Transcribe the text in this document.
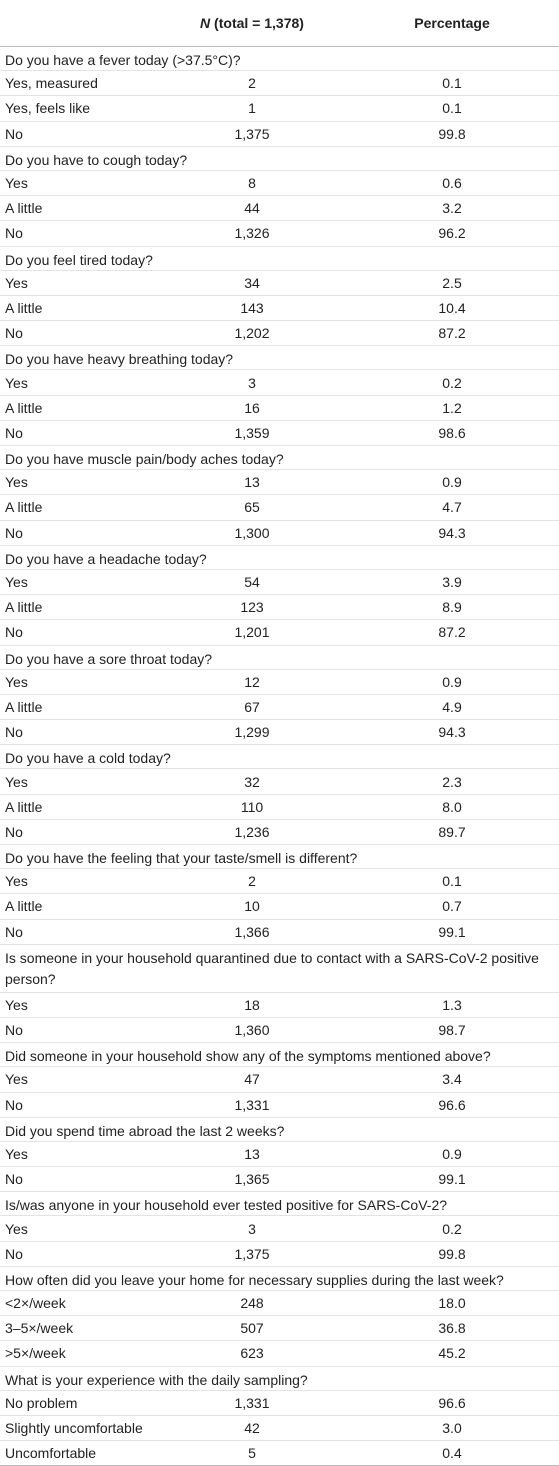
N (total = 1,378)	Percentage
Do you have a fever today (>37.5°C)?
Yes, measured	2	0.1
Yes, feels like	1	0.1
No	1,375	99.8
Do you have to cough today?
Yes	8	0.6
A little	44	3.2
No	1,326	96.2
Do you feel tired today?
Yes	34	2.5
A little	143	10.4
No	1,202	87.2
Do you have heavy breathing today?
Yes	3	0.2
A little	16	1.2
No	1,359	98.6
Do you have muscle pain/body aches today?
Yes	13	0.9
A little	65	4.7
No	1,300	94.3
Do you have a headache today?
Yes	54	3.9
A little	123	8.9
No	1,201	87.2
Do you have a sore throat today?
Yes	12	0.9
A little	67	4.9
No	1,299	94.3
Do you have a cold today?
Yes	32	2.3
A little	110	8.0
No	1,236	89.7
Do you have the feeling that your taste/smell is different?
Yes	2	0.1
A little	10	0.7
No	1,366	99.1
Is someone in your household quarantined due to contact with a SARS-CoV-2 positive person?
Yes	18	1.3
No	1,360	98.7
Did someone in your household show any of the symptoms mentioned above?
Yes	47	3.4
No	1,331	96.6
Did you spend time abroad the last 2 weeks?
Yes	13	0.9
No	1,365	99.1
Is/was anyone in your household ever tested positive for SARS-CoV-2?
Yes	3	0.2
No	1,375	99.8
How often did you leave your home for necessary supplies during the last week?
<2×/week	248	18.0
3–5×/week	507	36.8
>5×/week	623	45.2
What is your experience with the daily sampling?
No problem	1,331	96.6
Slightly uncomfortable	42	3.0
Uncomfortable	5	0.4
